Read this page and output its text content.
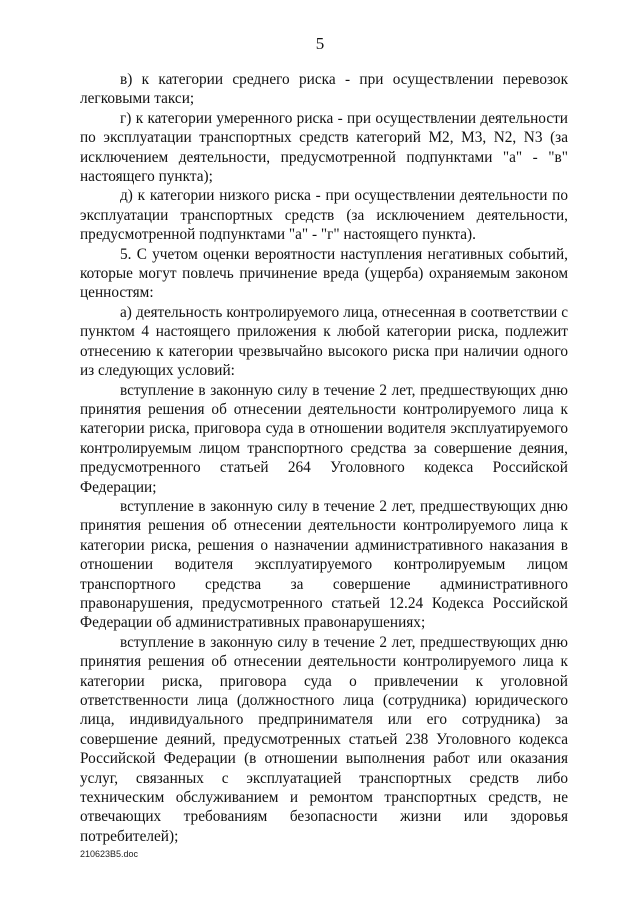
5

в) к категории среднего риска - при осуществлении перевозок легковыми такси;

г) к категории умеренного риска - при осуществлении деятельности по эксплуатации транспортных средств категорий М2, М3, N2, N3 (за исключением деятельности, предусмотренной подпунктами "а" - "в" настоящего пункта);

д) к категории низкого риска - при осуществлении деятельности по эксплуатации транспортных средств (за исключением деятельности, предусмотренной подпунктами "а" - "г" настоящего пункта).

5. С учетом оценки вероятности наступления негативных событий, которые могут повлечь причинение вреда (ущерба) охраняемым законом ценностям:

а) деятельность контролируемого лица, отнесенная в соответствии с пунктом 4 настоящего приложения к любой категории риска, подлежит отнесению к категории чрезвычайно высокого риска при наличии одного из следующих условий:

вступление в законную силу в течение 2 лет, предшествующих дню принятия решения об отнесении деятельности контролируемого лица к категории риска, приговора суда в отношении водителя эксплуатируемого контролируемым лицом транспортного средства за совершение деяния, предусмотренного статьей 264 Уголовного кодекса Российской Федерации;

вступление в законную силу в течение 2 лет, предшествующих дню принятия решения об отнесении деятельности контролируемого лица к категории риска, решения о назначении административного наказания в отношении водителя эксплуатируемого контролируемым лицом транспортного средства за совершение административного правонарушения, предусмотренного статьей 12.24 Кодекса Российской Федерации об административных правонарушениях;

вступление в законную силу в течение 2 лет, предшествующих дню принятия решения об отнесении деятельности контролируемого лица к категории риска, приговора суда о привлечении к уголовной ответственности лица (должностного лица (сотрудника) юридического лица, индивидуального предпринимателя или его сотрудника) за совершение деяний, предусмотренных статьей 238 Уголовного кодекса Российской Федерации (в отношении выполнения работ или оказания услуг, связанных с эксплуатацией транспортных средств либо техническим обслуживанием и ремонтом транспортных средств, не отвечающих требованиям безопасности жизни или здоровья потребителей);

210623B5.doc
